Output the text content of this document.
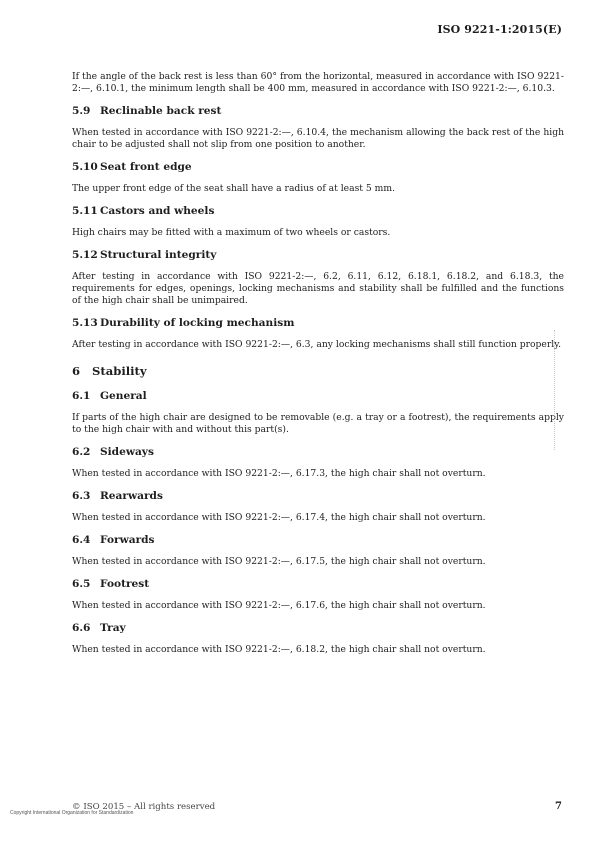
ISO 9221-1:2015(E)

If the angle of the back rest is less than 60° from the horizontal, measured in accordance with ISO 9221-2:—, 6.10.1, the minimum length shall be 400 mm, measured in accordance with ISO 9221-2:—, 6.10.3.

5.9 Reclinable back rest

When tested in accordance with ISO 9221-2:—, 6.10.4, the mechanism allowing the back rest of the high chair to be adjusted shall not slip from one position to another.

5.10 Seat front edge

The upper front edge of the seat shall have a radius of at least 5 mm.

5.11 Castors and wheels

High chairs may be fitted with a maximum of two wheels or castors.

5.12 Structural integrity

After testing in accordance with ISO 9221-2:—, 6.2, 6.11, 6.12, 6.18.1, 6.18.2, and 6.18.3, the requirements for edges, openings, locking mechanisms and stability shall be fulfilled and the functions of the high chair shall be unimpaired.

5.13 Durability of locking mechanism

After testing in accordance with ISO 9221-2:—, 6.3, any locking mechanisms shall still function properly.

6	Stability
6.1 General

If parts of the high chair are designed to be removable (e.g. a tray or a footrest), the requirements apply to the high chair with and without this part(s).

6.2 Sideways

When tested in accordance with ISO 9221-2:—, 6.17.3, the high chair shall not overturn.

6.3 Rearwards

When tested in accordance with ISO 9221-2:—, 6.17.4, the high chair shall not overturn.

6.4 Forwards

When tested in accordance with ISO 9221-2:—, 6.17.5, the high chair shall not overturn.

6.5 Footrest

When tested in accordance with ISO 9221-2:—, 6.17.6, the high chair shall not overturn.

6.6 Tray

When tested in accordance with ISO 9221-2:—, 6.18.2, the high chair shall not overturn.

© ISO 2015 – All rights reserved	7
Copyright International Organization for Standardization
